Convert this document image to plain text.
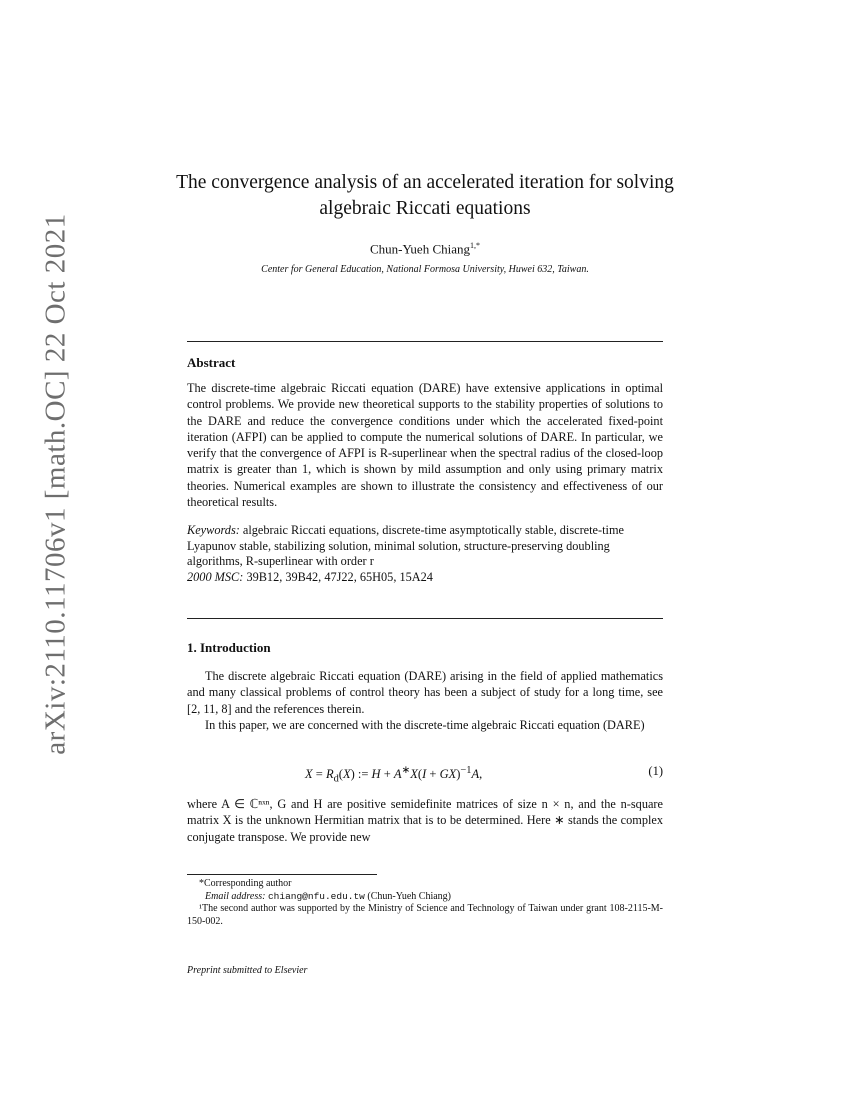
arXiv:2110.11706v1 [math.OC] 22 Oct 2021
The convergence analysis of an accelerated iteration for solving algebraic Riccati equations
Chun-Yueh Chiang$^{1,*}$
Center for General Education, National Formosa University, Huwei 632, Taiwan.
Abstract
The discrete-time algebraic Riccati equation (DARE) have extensive applications in optimal control problems. We provide new theoretical supports to the stability properties of solutions to the DARE and reduce the convergence conditions under which the accelerated fixed-point iteration (AFPI) can be applied to compute the numerical solutions of DARE. In particular, we verify that the convergence of AFPI is R-superlinear when the spectral radius of the closed-loop matrix is greater than 1, which is shown by mild assumption and only using primary matrix theories. Numerical examples are shown to illustrate the consistency and effectiveness of our theoretical results.
Keywords: algebraic Riccati equations, discrete-time asymptotically stable, discrete-time Lyapunov stable, stabilizing solution, minimal solution, structure-preserving doubling algorithms, R-superlinear with order r
2000 MSC: 39B12, 39B42, 47J22, 65H05, 15A24
1. Introduction

The discrete algebraic Riccati equation (DARE) arising in the field of applied mathematics and many classical problems of control theory has been a subject of study for a long time, see [2, 11, 8] and the references therein.

In this paper, we are concerned with the discrete-time algebraic Riccati equation (DARE)

$X = R_d(X)$ := H + A∗X(I + GX)$^{-1}$A,	(1)
where A ∈ ℂⁿˣⁿ, G and H are positive semidefinite matrices of size n × n, and the n-square matrix X is the unknown Hermitian matrix that is to be determined. Here ∗ stands the complex conjugate transpose. We provide new
*Corresponding author
Email address: chiang@nfu.edu.tw (Chun-Yueh Chiang)
¹The second author was supported by the Ministry of Science and Technology of Taiwan under grant 108-2115-M-150-002.
Preprint submitted to Elsevier
